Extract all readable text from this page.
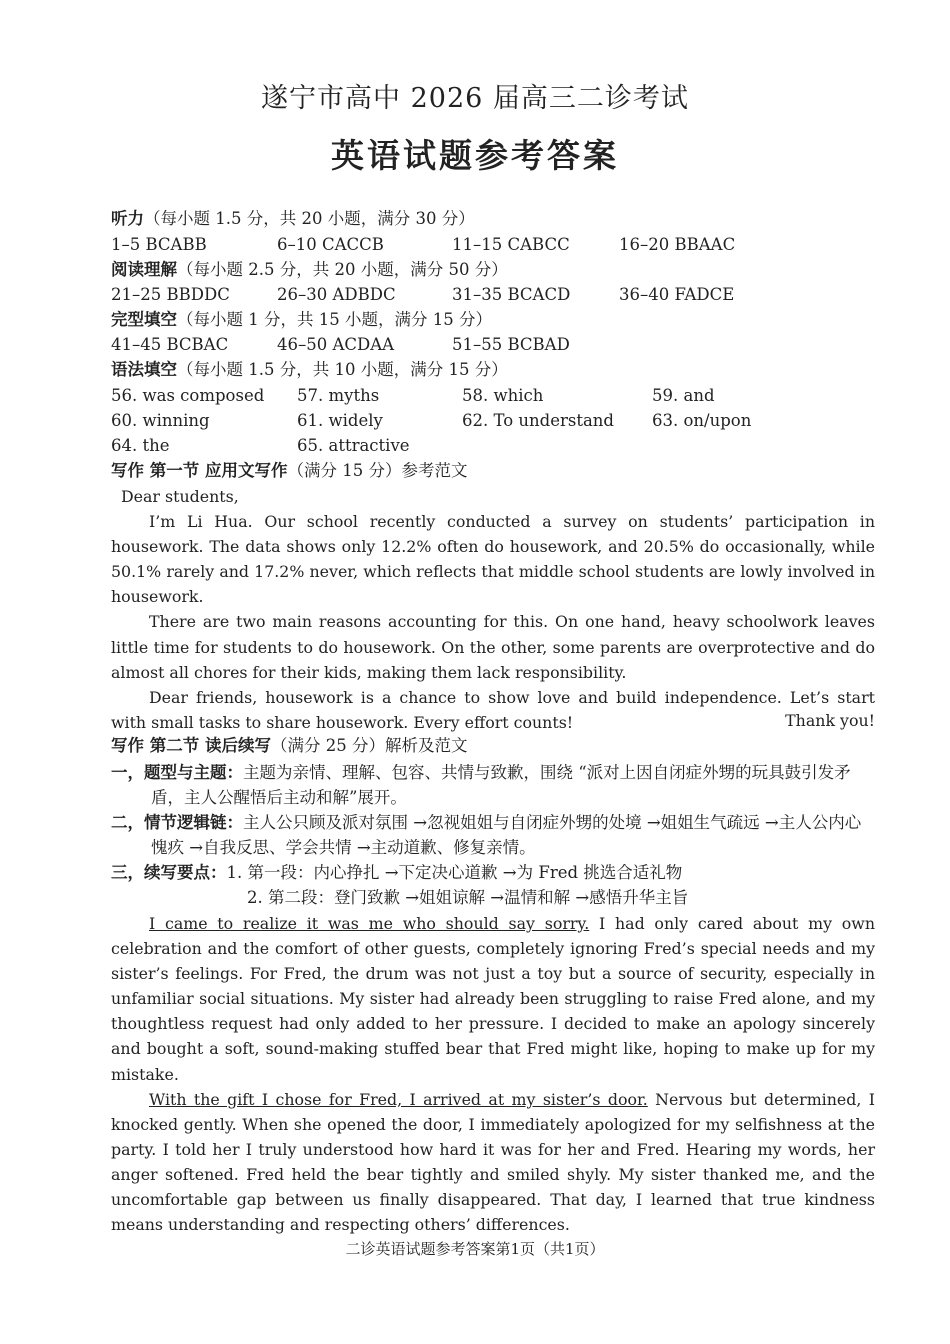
遂宁市高中 2026 届高三二诊考试
英语试题参考答案
听力（每小题 1.5 分，共 20 小题，满分 30 分）
1–5 BCABB	6–10 CACCB	11–15 CABCC	16–20 BBAAC
阅读理解（每小题 2.5 分，共 20 小题，满分 50 分）
21–25 BBDDC	26–30 ADBDC	31–35 BCACD	36–40 FADCE
完型填空（每小题 1 分，共 15 小题，满分 15 分）
41–45 BCBAC	46–50 ACDAA	51–55 BCBAD
语法填空（每小题 1.5 分，共 10 小题，满分 15 分）
56. was composed 57. myths	58. which	59. and
60. winning	61. widely	62. To understand 63. on/upon
64. the	65. attractive
写作 第一节 应用文写作（满分 15 分）参考范文

Dear students,

I’m Li Hua. Our school recently conducted a survey on students’ participation in housework. The data shows only 12.2% often do housework, and 20.5% do occasionally, while 50.1% rarely and 17.2% never, which reflects that middle school students are lowly involved in housework.

There are two main reasons accounting for this. On one hand, heavy schoolwork leaves little time for students to do housework. On the other, some parents are overprotective and do almost all chores for their kids, making them lack responsibility.

Dear friends, housework is a chance to show love and build independence. Let’s start with small tasks to share housework. Every effort counts!	Thank you!
写作 第二节 读后续写（满分 25 分）解析及范文
一，题型与主题：主题为亲情、理解、包容、共情与致歉，围绕 “派对上因自闭症外甥的玩具鼓引发矛盾，主人公醒悟后主动和解”展开。
二，情节逻辑链：主人公只顾及派对氛围 →忽视姐姐与自闭症外甥的处境 →姐姐生气疏远 →主人公内心愧疚 →自我反思、学会共情 →主动道歉、修复亲情。
三，续写要点：1. 第一段：内心挣扎 →下定决心道歉 →为 Fred 挑选合适礼物
2. 第二段：登门致歉 →姐姐谅解 →温情和解 →感悟升华主旨

I came to realize it was me who should say sorry. I had only cared about my own celebration and the comfort of other guests, completely ignoring Fred’s special needs and my sister’s feelings. For Fred, the drum was not just a toy but a source of security, especially in unfamiliar social situations. My sister had already been struggling to raise Fred alone, and my thoughtless request had only added to her pressure. I decided to make an apology sincerely and bought a soft, sound-making stuffed bear that Fred might like, hoping to make up for my mistake.

With the gift I chose for Fred, I arrived at my sister’s door. Nervous but determined, I knocked gently. When she opened the door, I immediately apologized for my selfishness at the party. I told her I truly understood how hard it was for her and Fred. Hearing my words, her anger softened. Fred held the bear tightly and smiled shyly. My sister thanked me, and the uncomfortable gap between us finally disappeared. That day, I learned that true kindness means understanding and respecting others’ differences.

二诊英语试题参考答案第1页（共1页）
